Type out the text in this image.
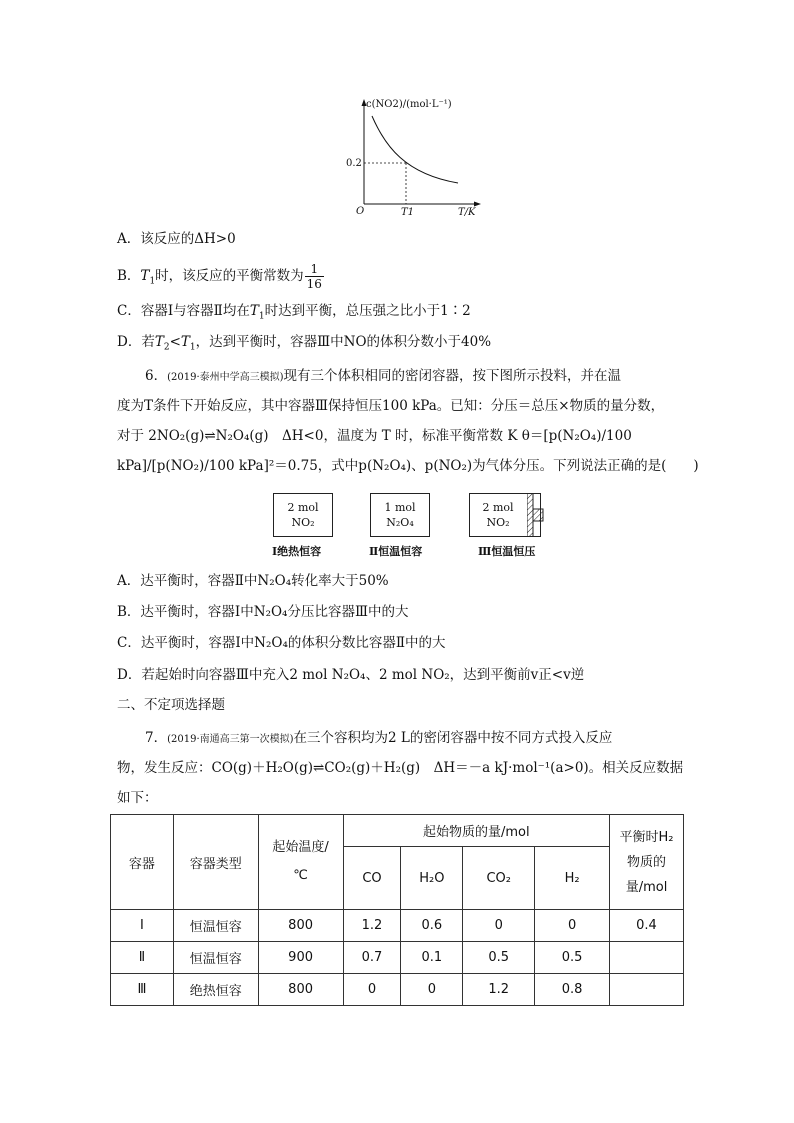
c(NO2)/(mol·L⁻¹)
0.2
O	T1	T/K
A．该反应的ΔH>0
B．$T_1$时，该反应的平衡常数为 $\frac{1}{16}$
C．容器Ⅰ与容器Ⅱ均在$T_1$时达到平衡，总压强之比小于1∶2
D．若$T_2<T_1$，达到平衡时，容器Ⅲ中NO的体积分数小于40%
6．(2019·泰州中学高三模拟)现有三个体积相同的密闭容器，按下图所示投料，并在温
度为T条件下开始反应，其中容器Ⅲ保持恒压100 kPa。已知：分压＝总压×物质的量分数，
对于 2NO₂(g)⇌N₂O₄(g)　ΔH<0，温度为 T 时，标准平衡常数 K θ＝[p(N₂O₄)/100
kPa]/[p(NO₂)/100 kPa]²＝0.75，式中p(N₂O₄)、p(NO₂)为气体分压。下列说法正确的是(　　)
2 mol
NO₂
Ⅰ绝热恒容
1 mol
N₂O₄
Ⅱ恒温恒容
2 mol
NO₂
Ⅲ恒温恒压
A．达平衡时，容器Ⅱ中N₂O₄转化率大于50%
B．达平衡时，容器Ⅰ中N₂O₄分压比容器Ⅲ中的大
C．达平衡时，容器Ⅰ中N₂O₄的体积分数比容器Ⅱ中的大
D．若起始时向容器Ⅲ中充入2 mol N₂O₄、2 mol NO₂，达到平衡前v正<v逆
二、不定项选择题
7．(2019·南通高三第一次模拟)在三个容积均为2 L的密闭容器中按不同方式投入反应
物，发生反应：CO(g)＋H₂O(g)⇌CO₂(g)＋H₂(g)　ΔH＝－a kJ·mol⁻¹(a>0)。相关反应数据
如下：
容器	容器类型	起始温度/℃	起始物质的量/mol				平衡时H₂物质的量/mol
			CO	H₂O	CO₂	H₂	
Ⅰ	恒温恒容	800	1.2	0.6	0	0	0.4
Ⅱ	恒温恒容	900	0.7	0.1	0.5	0.5	
Ⅲ	绝热恒容	800	0	0	1.2	0.8	
